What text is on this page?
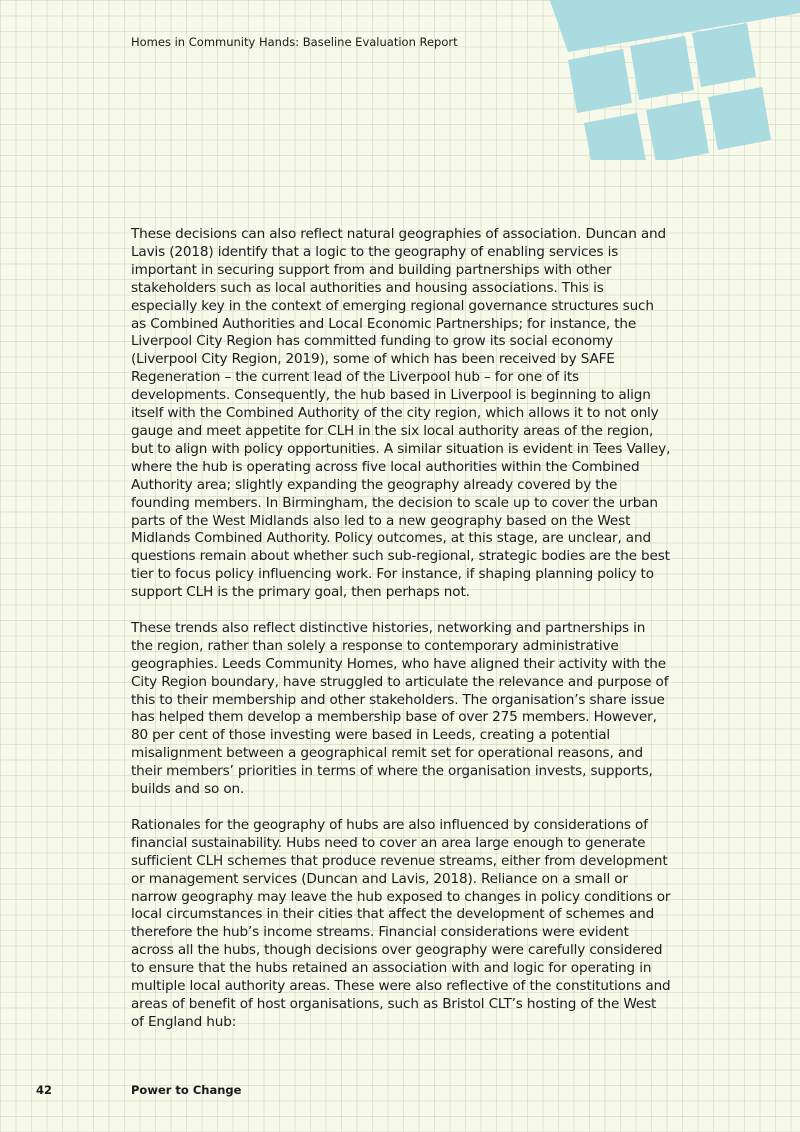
Homes in Community Hands: Baseline Evaluation Report

These decisions can also reflect natural geographies of association. Duncan and Lavis (2018) identify that a logic to the geography of enabling services is important in securing support from and building partnerships with other stakeholders such as local authorities and housing associations. This is especially key in the context of emerging regional governance structures such as Combined Authorities and Local Economic Partnerships; for instance, the Liverpool City Region has committed funding to grow its social economy (Liverpool City Region, 2019), some of which has been received by SAFE Regeneration – the current lead of the Liverpool hub – for one of its developments. Consequently, the hub based in Liverpool is beginning to align itself with the Combined Authority of the city region, which allows it to not only gauge and meet appetite for CLH in the six local authority areas of the region, but to align with policy opportunities. A similar situation is evident in Tees Valley, where the hub is operating across five local authorities within the Combined Authority area; slightly expanding the geography already covered by the founding members. In Birmingham, the decision to scale up to cover the urban parts of the West Midlands also led to a new geography based on the West Midlands Combined Authority. Policy outcomes, at this stage, are unclear, and questions remain about whether such sub-regional, strategic bodies are the best tier to focus policy influencing work. For instance, if shaping planning policy to support CLH is the primary goal, then perhaps not.

These trends also reflect distinctive histories, networking and partnerships in the region, rather than solely a response to contemporary administrative geographies. Leeds Community Homes, who have aligned their activity with the City Region boundary, have struggled to articulate the relevance and purpose of this to their membership and other stakeholders. The organisation’s share issue has helped them develop a membership base of over 275 members. However, 80 per cent of those investing were based in Leeds, creating a potential misalignment between a geographical remit set for operational reasons, and their members’ priorities in terms of where the organisation invests, supports, builds and so on.

Rationales for the geography of hubs are also influenced by considerations of financial sustainability. Hubs need to cover an area large enough to generate sufficient CLH schemes that produce revenue streams, either from development or management services (Duncan and Lavis, 2018). Reliance on a small or narrow geography may leave the hub exposed to changes in policy conditions or local circumstances in their cities that affect the development of schemes and therefore the hub’s income streams. Financial considerations were evident across all the hubs, though decisions over geography were carefully considered to ensure that the hubs retained an association with and logic for operating in multiple local authority areas. These were also reflective of the constitutions and areas of benefit of host organisations, such as Bristol CLT’s hosting of the West of England hub:

42	Power to Change
